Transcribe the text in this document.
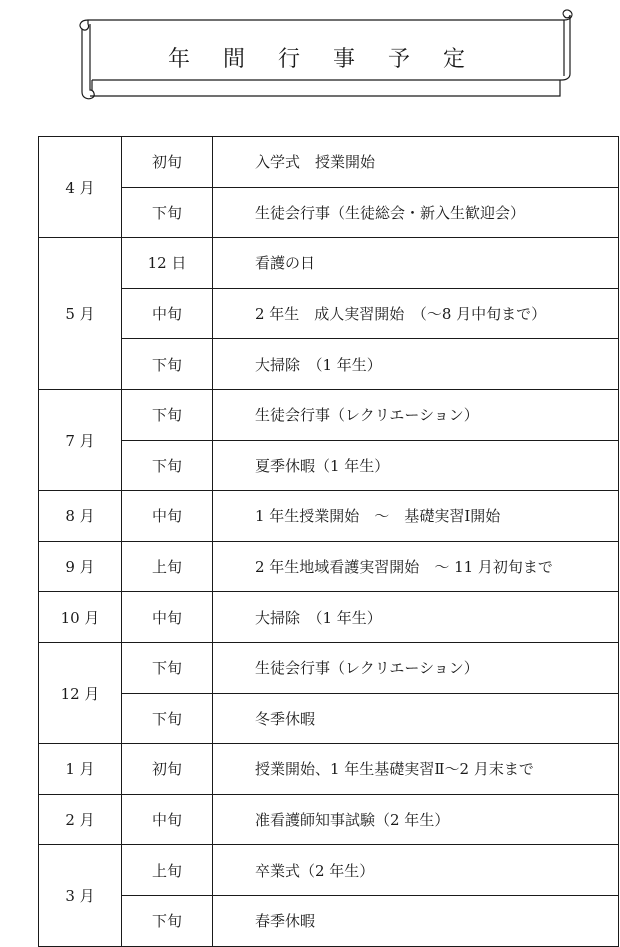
年 間 行 事 予 定
4 月	初旬	入学式　授業開始
	下旬	生徒会行事（生徒総会・新入生歓迎会）
5 月	12 日	看護の日
	中旬	2 年生　成人実習開始　（～8 月中旬まで）
	下旬	大掃除　（1 年生）
7 月	下旬	生徒会行事（レクリエーション）
	下旬	夏季休暇（1 年生）
8 月	中旬	1 年生授業開始　～　基礎実習Ⅰ開始
9 月	上旬	2 年生地域看護実習開始　～ 11 月初旬まで
10 月	中旬	大掃除　（1 年生）
12 月	下旬	生徒会行事（レクリエーション）
	下旬	冬季休暇
1 月	初旬	授業開始、1 年生基礎実習Ⅱ～2 月末まで
2 月	中旬	准看護師知事試験（2 年生）
3 月	上旬	卒業式（2 年生）
	下旬	春季休暇
